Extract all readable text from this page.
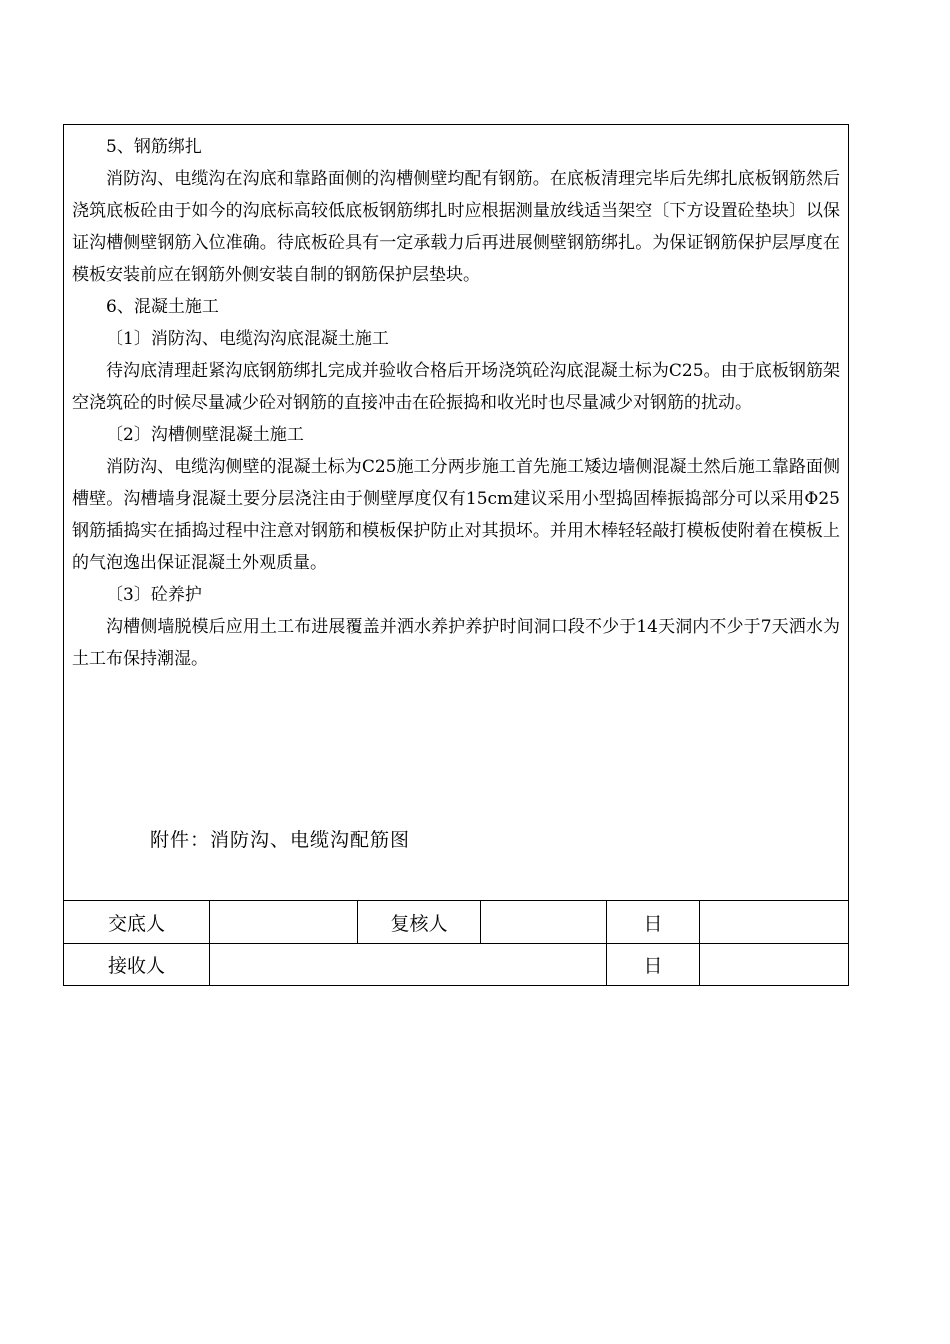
5、钢筋绑扎

消防沟、电缆沟在沟底和靠路面侧的沟槽侧壁均配有钢筋。在底板清理完毕后先绑扎底板钢筋然后浇筑底板砼由于如今的沟底标高较低底板钢筋绑扎时应根据测量放线适当架空〔下方设置砼垫块〕以保证沟槽侧壁钢筋入位准确。待底板砼具有一定承载力后再进展侧壁钢筋绑扎。为保证钢筋保护层厚度在模板安装前应在钢筋外侧安装自制的钢筋保护层垫块。

6、混凝土施工

〔1〕消防沟、电缆沟沟底混凝土施工

待沟底清理赶紧沟底钢筋绑扎完成并验收合格后开场浇筑砼沟底混凝土标为C25。由于底板钢筋架空浇筑砼的时候尽量减少砼对钢筋的直接冲击在砼振捣和收光时也尽量减少对钢筋的扰动。

〔2〕沟槽侧壁混凝土施工

消防沟、电缆沟侧壁的混凝土标为C25施工分两步施工首先施工矮边墙侧混凝土然后施工靠路面侧槽壁。沟槽墙身混凝土要分层浇注由于侧壁厚度仅有15cm建议采用小型捣固棒振捣部分可以采用Φ25钢筋插捣实在插捣过程中注意对钢筋和模板保护防止对其损坏。并用木棒轻轻敲打模板使附着在模板上的气泡逸出保证混凝土外观质量。

〔3〕砼养护

沟槽侧墙脱模后应用土工布进展覆盖并洒水养护养护时间洞口段不少于14天洞内不少于7天洒水为土工布保持潮湿。

附件：消防沟、电缆沟配筋图
交底人	复核人	日
接收人	日
